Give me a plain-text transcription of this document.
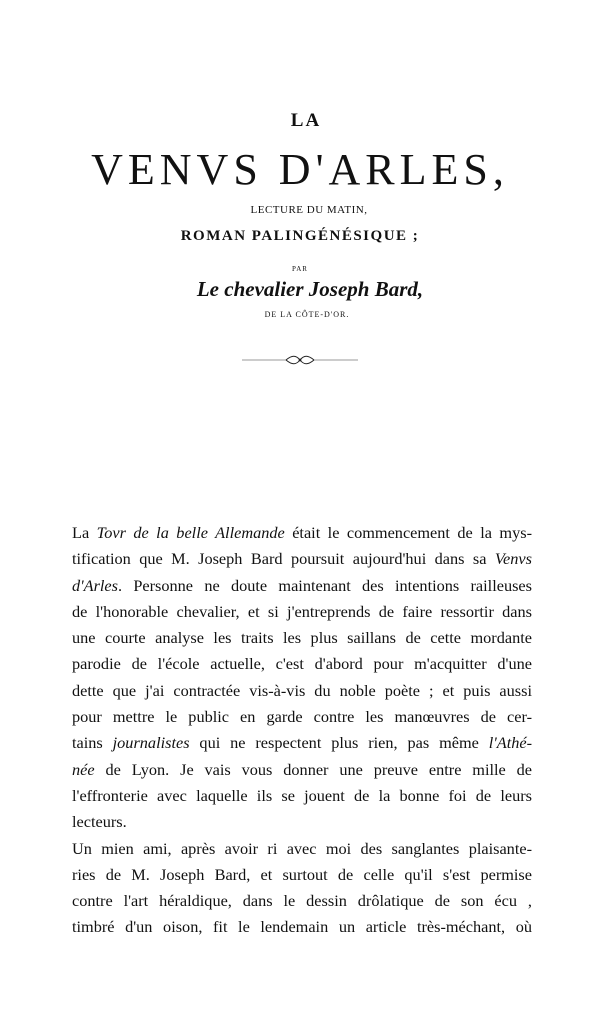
LA
VENVS D'ARLES,
LECTURE DU MATIN,
ROMAN PALINGÉNÉSIQUE ;
PAR
Le chevalier Joseph Bard,
DE LA CÔTE-D'OR.

La Tovr de la belle Allemande était le commencement de la mys-
tification que M. Joseph Bard poursuit aujourd'hui dans sa Venvs
d'Arles. Personne ne doute maintenant des intentions railleuses
de l'honorable chevalier, et si j'entreprends de faire ressortir dans
une courte analyse les traits les plus saillans de cette mordante
parodie de l'école actuelle, c'est d'abord pour m'acquitter d'une
dette que j'ai contractée vis-à-vis du noble poète ; et puis aussi
pour mettre le public en garde contre les manœuvres de cer-
tains journalistes qui ne respectent plus rien, pas même l'Athé-
née de Lyon. Je vais vous donner une preuve entre mille de
l'effronterie avec laquelle ils se jouent de la bonne foi de leurs
lecteurs.

Un mien ami, après avoir ri avec moi des sanglantes plaisante-
ries de M. Joseph Bard, et surtout de celle qu'il s'est permise
contre l'art héraldique, dans le dessin drôlatique de son écu ,
timbré d'un oison, fit le lendemain un article très-méchant, où
